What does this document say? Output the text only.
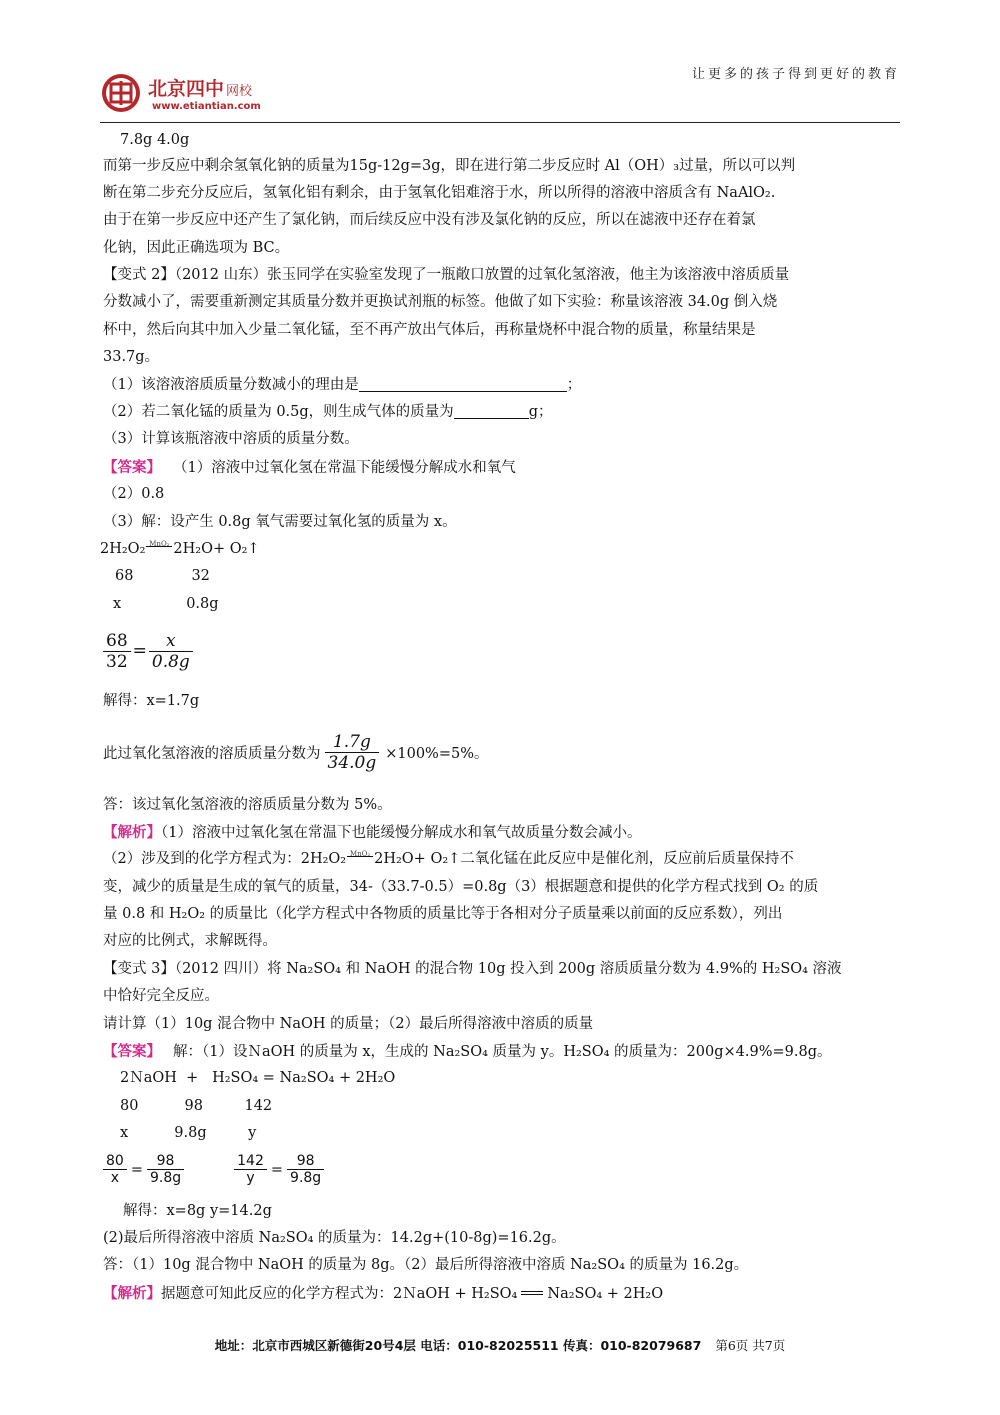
北京四中 网校
www.etiantian.com
让更多的孩子得到更好的教育
7.8g 4.0g
而第一步反应中剩余氢氧化钠的质量为15g-12g=3g，即在进行第二步反应时 Al（OH）₃过量，所以可以判
断在第二步充分反应后，氢氧化铝有剩余，由于氢氧化铝难溶于水，所以所得的溶液中溶质含有 NaAlO₂.
由于在第一步反应中还产生了氯化钠，而后续反应中没有涉及氯化钠的反应，所以在滤液中还存在着氯
化钠，因此正确选项为 BC。
【变式 2】（2012 山东）张玉同学在实验室发现了一瓶敞口放置的过氧化氢溶液，他主为该溶液中溶质质量
分数减小了，需要重新测定其质量分数并更换试剂瓶的标签。他做了如下实验：称量该溶液 34.0g 倒入烧
杯中，然后向其中加入少量二氧化锰，至不再产放出气体后，再称量烧杯中混合物的质量，称量结果是
33.7g。
（1）该溶液溶质质量分数减小的理由是	；
（2）若二氧化锰的质量为 0.5g，则生成气体的质量为	g；
（3）计算该瓶溶液中溶质的质量分数。
【答案】 （1）溶液中过氧化氢在常温下能缓慢分解成水和氧气
（2）0.8
（3）解：设产生 0.8g 氧气需要过氧化氢的质量为 x。
2H₂O₂ MnO₂ 2H₂O+ O₂↑
68	32
x	0.8g
$\frac{68}{32} = \frac{x}{0.8g}$
解得：x=1.7g
此过氧化氢溶液的溶质质量分数为 $\frac{1.7g}{34.0g} \times 100\%=5\%$。
答：该过氧化氢溶液的溶质质量分数为 5%。
【解析】（1）溶液中过氧化氢在常温下也能缓慢分解成水和氧气故质量分数会减小。
（2）涉及到的化学方程式为：2H₂O₂ MnO₂ 2H₂O+ O₂↑二氧化锰在此反应中是催化剂，反应前后质量保持不
变，减少的质量是生成的氧气的质量，34-（33.7-0.5）=0.8g（3）根据题意和提供的化学方程式找到 O₂ 的质
量 0.8 和 H₂O₂ 的质量比（化学方程式中各物质的质量比等于各相对分子质量乘以前面的反应系数），列出
对应的比例式，求解既得。
【变式 3】（2012 四川）将 Na₂SO₄ 和 NaOH 的混合物 10g 投入到 200g 溶质质量分数为 4.9%的 H₂SO₄ 溶液
中恰好完全反应。
请计算（1）10g 混合物中 NaOH 的质量；（2）最后所得溶液中溶质的质量
【答案】 解：（1）设ＮaOH 的质量为 x，生成的 Na₂SO₄ 质量为 y。H₂SO₄ 的质量为：200g×4.9%=9.8g。
2ＮaOH  +   H₂SO₄ = Na₂SO₄ + 2H₂O
80          98         142
x          9.8g         y
$\frac{80}{x} = \frac{98}{9.8g}$	$\frac{142}{y} = \frac{98}{9.8g}$
解得：x=8g y=14.2g
(2)最后所得溶液中溶质 Na₂SO₄ 的质量为：14.2g+(10-8g)=16.2g。
答：（1）10g 混合物中 NaOH 的质量为 8g。（2）最后所得溶液中溶质 Na₂SO₄ 的质量为 16.2g。
【解析】据题意可知此反应的化学方程式为：2ＮaOH + H₂SO₄ Na₂SO₄ + 2H₂O
地址：北京市西城区新德街20号4层 电话：010-82025511 传真：010-82079687 第6页 共7页
